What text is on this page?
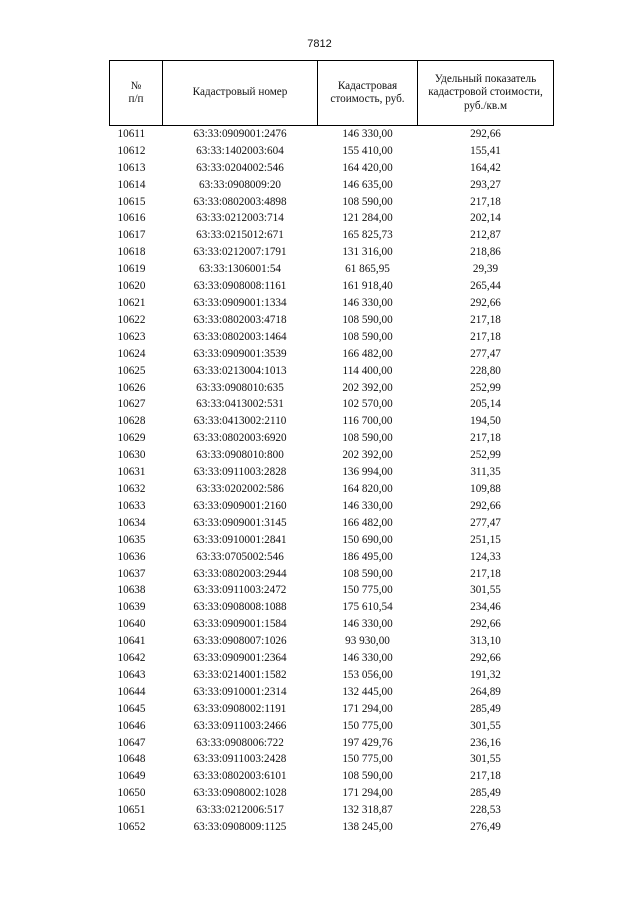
7812
№
п/п	Кадастровый номер	Кадастровая стоимость, руб.	Удельный показатель кадастровой стоимости, руб./кв.м
10611	63:33:0909001:2476	146 330,00	292,66
10612	63:33:1402003:604	155 410,00	155,41
10613	63:33:0204002:546	164 420,00	164,42
10614	63:33:0908009:20	146 635,00	293,27
10615	63:33:0802003:4898	108 590,00	217,18
10616	63:33:0212003:714	121 284,00	202,14
10617	63:33:0215012:671	165 825,73	212,87
10618	63:33:0212007:1791	131 316,00	218,86
10619	63:33:1306001:54	61 865,95	29,39
10620	63:33:0908008:1161	161 918,40	265,44
10621	63:33:0909001:1334	146 330,00	292,66
10622	63:33:0802003:4718	108 590,00	217,18
10623	63:33:0802003:1464	108 590,00	217,18
10624	63:33:0909001:3539	166 482,00	277,47
10625	63:33:0213004:1013	114 400,00	228,80
10626	63:33:0908010:635	202 392,00	252,99
10627	63:33:0413002:531	102 570,00	205,14
10628	63:33:0413002:2110	116 700,00	194,50
10629	63:33:0802003:6920	108 590,00	217,18
10630	63:33:0908010:800	202 392,00	252,99
10631	63:33:0911003:2828	136 994,00	311,35
10632	63:33:0202002:586	164 820,00	109,88
10633	63:33:0909001:2160	146 330,00	292,66
10634	63:33:0909001:3145	166 482,00	277,47
10635	63:33:0910001:2841	150 690,00	251,15
10636	63:33:0705002:546	186 495,00	124,33
10637	63:33:0802003:2944	108 590,00	217,18
10638	63:33:0911003:2472	150 775,00	301,55
10639	63:33:0908008:1088	175 610,54	234,46
10640	63:33:0909001:1584	146 330,00	292,66
10641	63:33:0908007:1026	93 930,00	313,10
10642	63:33:0909001:2364	146 330,00	292,66
10643	63:33:0214001:1582	153 056,00	191,32
10644	63:33:0910001:2314	132 445,00	264,89
10645	63:33:0908002:1191	171 294,00	285,49
10646	63:33:0911003:2466	150 775,00	301,55
10647	63:33:0908006:722	197 429,76	236,16
10648	63:33:0911003:2428	150 775,00	301,55
10649	63:33:0802003:6101	108 590,00	217,18
10650	63:33:0908002:1028	171 294,00	285,49
10651	63:33:0212006:517	132 318,87	228,53
10652	63:33:0908009:1125	138 245,00	276,49
